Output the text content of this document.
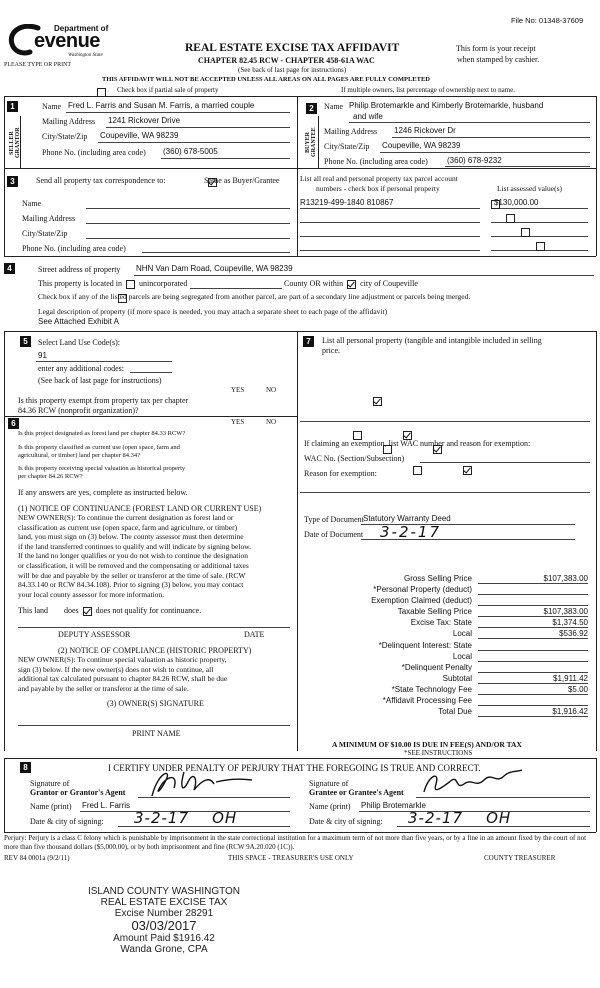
File No: 01348-37609
Department of
evenue
Washington State
PLEASE TYPE OR PRINT
REAL ESTATE EXCISE TAX AFFIDAVIT
CHAPTER 82.45 RCW - CHAPTER 458-61A WAC
(See back of last page for instructions)
This form is your receipt
when stamped by cashier.
THIS AFFIDAVIT WILL NOT BE ACCEPTED UNLESS ALL AREAS ON ALL PAGES ARE FULLY COMPLETED

Check box if partial sale of property	If multiple owners, list percentage of ownership next to name.
1
SELLER GRANTOR
Name Fred L. Farris and Susan M. Farris, a married couple
Mailing Address 1241 Rickover Drive
City/State/Zip Coupeville, WA 98239
Phone No. (including area code) (360) 678-5005
2
BUYER GRANTEE
Name Philip Brotemarkle and Kimberly Brotemarkle, husband
and wife
Mailing Address 1246 Rickover Dr
City/State/Zip Coupeville, WA 98239
Phone No. (including area code) (360) 678-9232
3	Send all property tax correspondence to:
	Same as Buyer/Grantee
Name
Mailing Address
City/State/Zip
Phone No. (including area code)
List all real and personal property tax parcel account
numbers - check box if personal property	List assessed value(s)
R13219-499-1840 810867	$130,000.00

4	Street address of property NHN Van Dam Road, Coupeville, WA 98239
This property is located in unincorporated	County OR within city of Coupeville

Check box if any of the listed parcels are being segregated from another parcel, are part of a secondary line adjustment or parcels being merged.
Legal description of property (if more space is needed, you may attach a separate sheet to each page of the affidavit)
See Attached Exhibit A
5	Select Land Use Code(s):
91
enter any additional codes:
(See back of last page for instructions)
YES	NO
Is this property exempt from property tax per chapter
84.36 RCW (nonprofit organization)?

6	YES	NO
Is this project designated as forest land per chapter 84.33 RCW?

Is this property classified as current use (open space, farm and
agricultural, or timber) land per chapter 84.34?

Is this property receiving special valuation as historical property
per chapter 84.26 RCW?

If any answers are yes, complete as instructed below.
(1) NOTICE OF CONTINUANCE (FOREST LAND OR CURRENT USE)
NEW OWNER(S): To continue the current designation as forest land or
classification as current use (open space, farm and agriculture, or timber)
land, you must sign on (3) below. The county assessor must then determine
if the land transferred continues to qualify and will indicate by signing below.
If the land no longer qualifies or you do not wish to continue the designation
or classification, it will be removed and the compensating or additional taxes
will be due and payable by the seller or transferor at the time of sale. (RCW
84.33.140 or RCW 84.34.108). Prior to signing (3) below, you may contact
your local county assessor for more information.
This land does does not qualify for continuance.
DEPUTY ASSESSOR	DATE
(2) NOTICE OF COMPLIANCE (HISTORIC PROPERTY)
NEW OWNER(S): To continue special valuation as historic property,
sign (3) below. If the new owner(s) does not wish to continue, all
additional tax calculated pursuant to chapter 84.26 RCW, shall be due
and payable by the seller or transferor at the time of sale.
(3) OWNER(S) SIGNATURE
PRINT NAME
7	List all personal property (tangible and intangible included in selling
price.
If claiming an exemption, list WAC number and reason for exemption:
WAC No. (Section/Subsection)
Reason for exemption:
Type of Document Statutory Warranty Deed
Date of Document 3-2-17
Gross Selling Price	$107,383.00
*Personal Property (deduct)
Exemption Claimed (deduct)
Taxable Selling Price	$107,383.00
Excise Tax: State	$1,374.50
Local	$536.92
*Delinquent Interest: State
Local
*Delinquent Penalty
Subtotal	$1,911.42
*State Technology Fee	$5.00
*Affidavit Processing Fee
Total Due	$1,916.42
A MINIMUM OF $10.00 IS DUE IN FEE(S) AND/OR TAX
*SEE INSTRUCTIONS
8	I CERTIFY UNDER PENALTY OF PERJURY THAT THE FOREGOING IS TRUE AND CORRECT.
Signature of
Grantor or Grantor's Agent
Name (print) Fred L. Farris
Date & city of signing: 3-2-17    OH
Signature of
Grantee or Grantee's Agent
Name (print) Philip Brotemarkle
Date & city of signing: 3-2-17    OH
Perjury: Perjury is a class C felony which is punishable by imprisonment in the state correctional institution for a maximum term of not more than five years, or by a fine in an amount fixed by the court of not more than five thousand dollars ($5,000.00), or by both imprisonment and fine (RCW 9A.20.020 (1C)).
REV 84 0001a (9/2/11)	THIS SPACE - TREASURER'S USE ONLY	COUNTY TREASURER
ISLAND COUNTY WASHINGTON
REAL ESTATE EXCISE TAX
Excise Number 28291
03/03/2017
Amount Paid $1916.42
Wanda Grone, CPA
